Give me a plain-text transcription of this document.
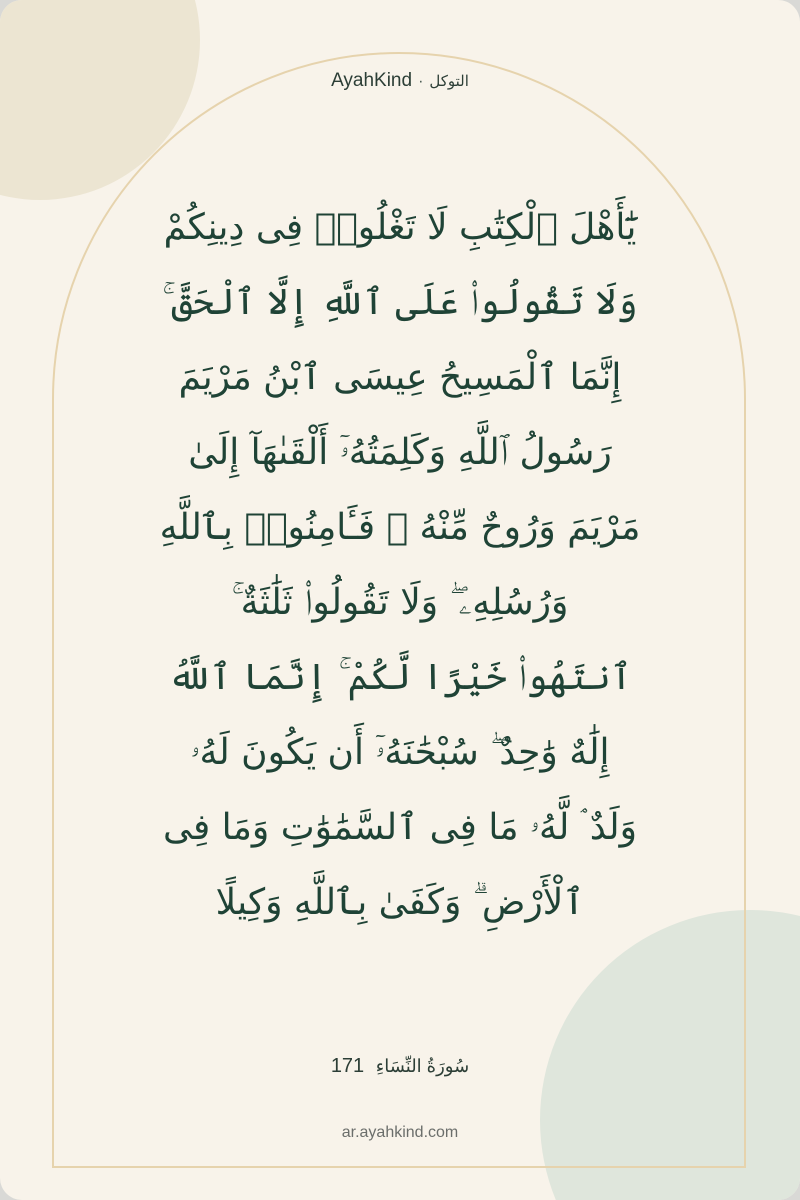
AyahKind · التوكل
يَٰٓأَهْلَ ٱلْكِتَٰبِ لَا تَغْلُوا۟ فِى دِينِكُمْ
وَلَا تَقُولُوا۟ عَلَى ٱللَّهِ إِلَّا ٱلْحَقَّ ۚ
إِنَّمَا ٱلْمَسِيحُ عِيسَى ٱبْنُ مَرْيَمَ
رَسُولُ ٱللَّهِ وَكَلِمَتُهُۥٓ أَلْقَىٰهَآ إِلَىٰ
مَرْيَمَ وَرُوحٌ مِّنْهُ ۖ فَـَٔامِنُوا۟ بِٱللَّهِ
وَرُسُلِهِۦ ۖ وَلَا تَقُولُوا۟ ثَلَٰثَةٌ ۚ
ٱنتَهُوا۟ خَيْرًا لَّكُمْ ۚ إِنَّمَا ٱللَّهُ
إِلَٰهٌ وَٰحِدٌ ۖ سُبْحَٰنَهُۥٓ أَن يَكُونَ لَهُۥ
وَلَدٌ ۘ لَّهُۥ مَا فِى ٱلسَّمَٰوَٰتِ وَمَا فِى
ٱلْأَرْضِ ۗ وَكَفَىٰ بِٱللَّهِ وَكِيلًا
171 سُورَةُ النِّسَاءِ
ar.ayahkind.com
